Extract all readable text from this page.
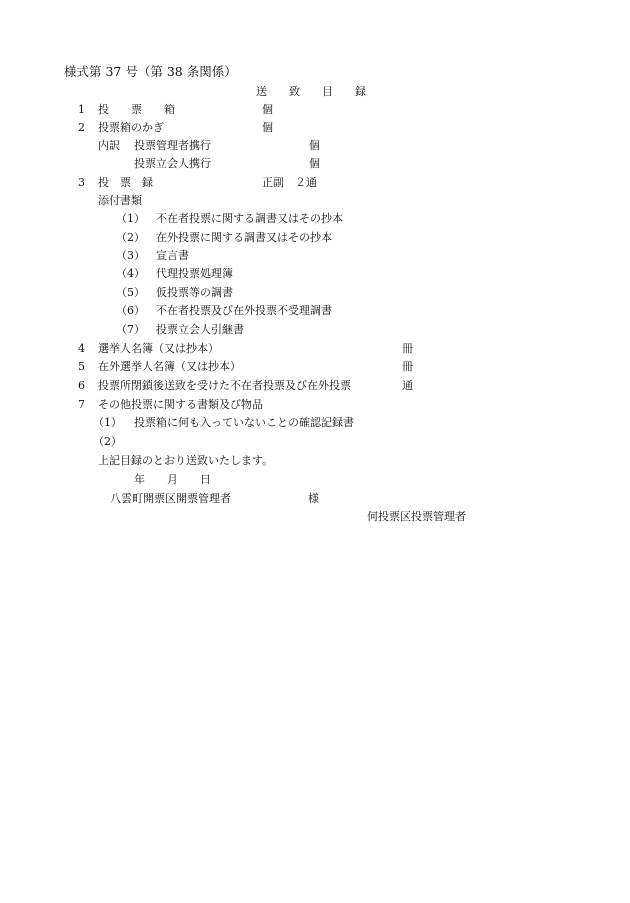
様式第 37 号（第 38 条関係）
送　　致　　目　　録
1 投　　票　　箱	個
2 投票箱のかぎ	個
内訳 投票管理者携行	個
投票立会人携行	個
3 投　票　録	正副　２通
添付書類
（1） 不在者投票に関する調書又はその抄本
（2） 在外投票に関する調書又はその抄本
（3） 宣言書
（4） 代理投票処理簿
（5） 仮投票等の調書
（6） 不在者投票及び在外投票不受理調書
（7） 投票立会人引継書
4 選挙人名簿（又は抄本）	冊
5 在外選挙人名簿（又は抄本）	冊
6 投票所閉鎖後送致を受けた不在者投票及び在外投票	通
7 その他投票に関する書類及び物品
（1） 投票箱に何も入っていないことの確認記録書
（2）
上記目録のとおり送致いたします。
年　　月　　日
八雲町開票区開票管理者	様
何投票区投票管理者
